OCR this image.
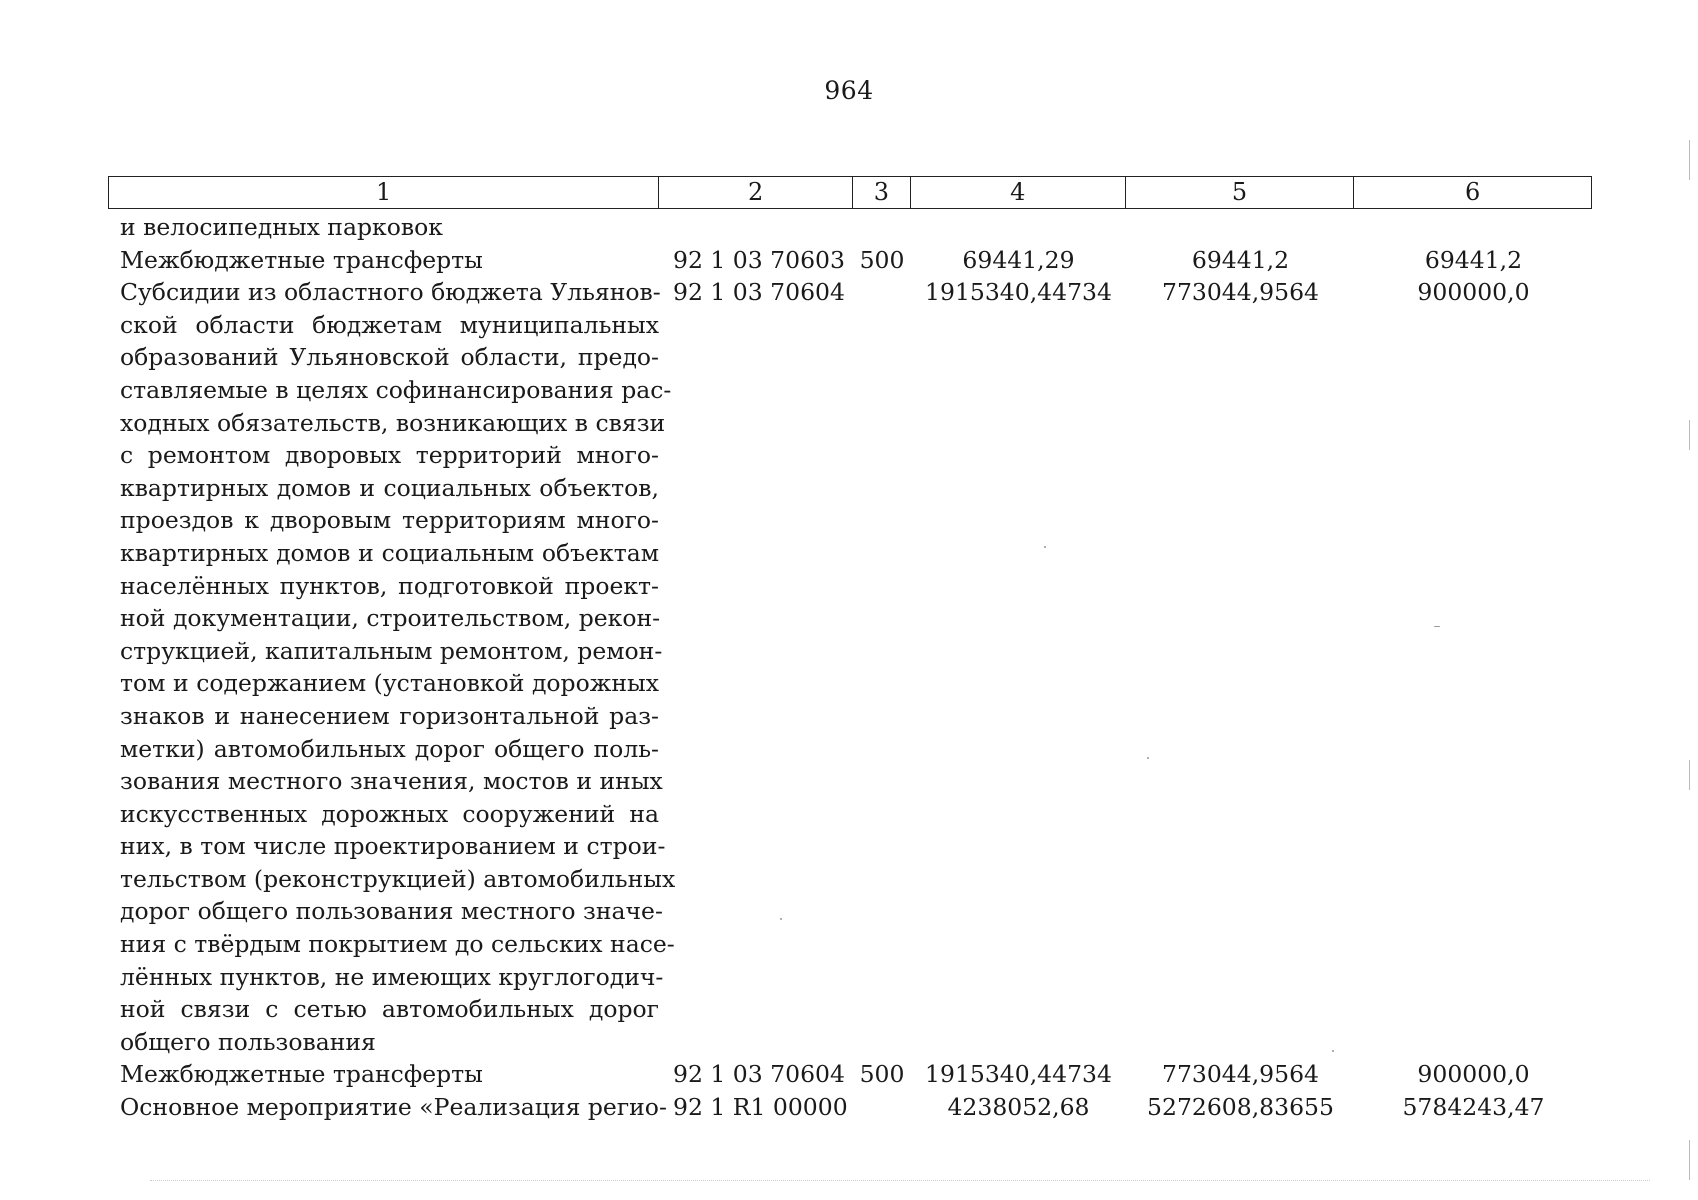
964
1	2	3	4	5	6
и велосипедных парковок
Межбюджетные трансферты	92 1 03 70603 500	69441,29	69441,2	69441,2
Субсидии из областного бюджета Ульянов-
ской области бюджетам муниципальных
образований Ульяновской области, предо-
ставляемые в целях софинансирования рас-
ходных обязательств, возникающих в связи
с ремонтом дворовых территорий много-
квартирных домов и социальных объектов,
проездов к дворовым территориям много-
квартирных домов и социальным объектам
населённых пунктов, подготовкой проект-
ной документации, строительством, рекон-
струкцией, капитальным ремонтом, ремон-
том и содержанием (установкой дорожных
знаков и нанесением горизонтальной раз-
метки) автомобильных дорог общего поль-
зования местного значения, мостов и иных
искусственных дорожных сооружений на
них, в том числе проектированием и строи-
тельством (реконструкцией) автомобильных
дорог общего пользования местного значе-
ния с твёрдым покрытием до сельских насе-
лённых пунктов, не имеющих круглогодич-
ной связи с сетью автомобильных дорог
общего пользования
92 1 03 70604	1915340,44734	773044,9564	900000,0
Межбюджетные трансферты	92 1 03 70604 500 1915340,44734	773044,9564	900000,0
Основное мероприятие «Реализация регио- 92 1 R1 00000	4238052,68	5272608,83655	5784243,47
